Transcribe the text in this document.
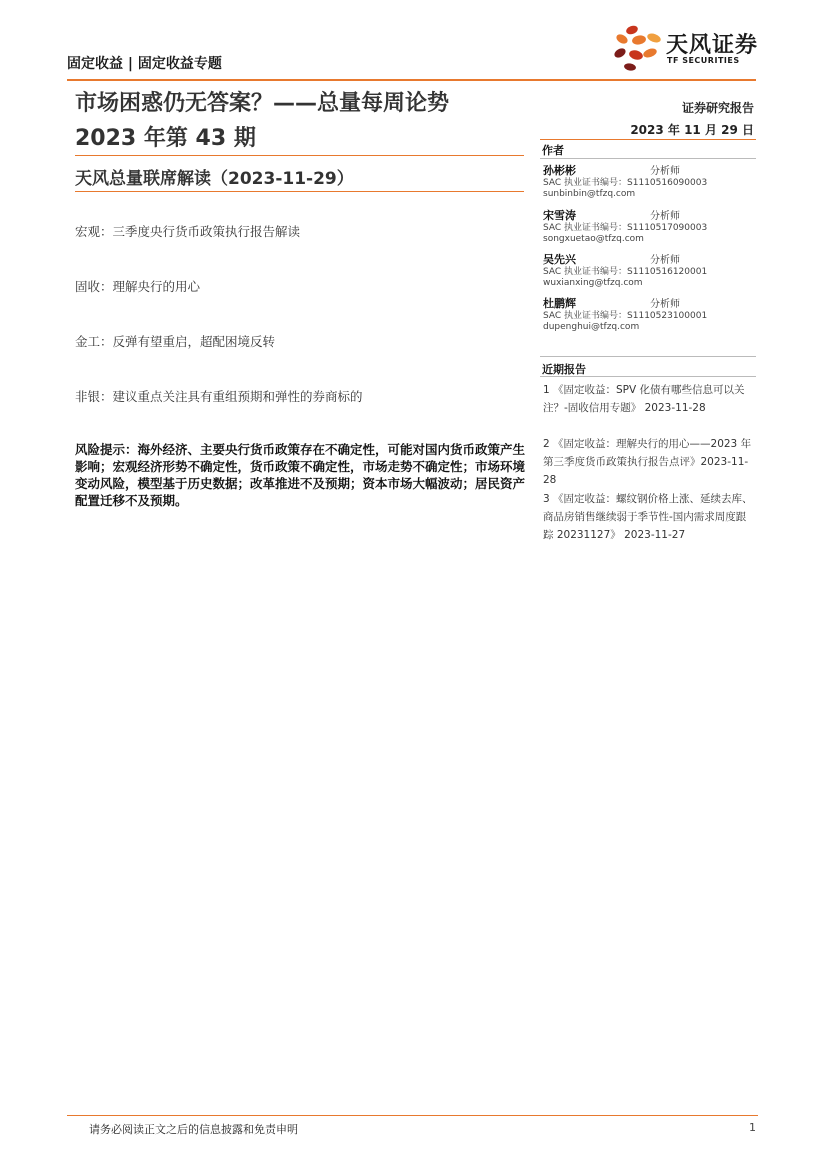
固定收益 | 固定收益专题
天风证券
TF SECURITIES
市场困惑仍无答案？——总量每周论势
2023 年第 43 期
证券研究报告
2023 年 11 月 29 日
天风总量联席解读（2023-11-29）
宏观：三季度央行货币政策执行报告解读
固收：理解央行的用心
金工：反弹有望重启，超配困境反转
非银：建议重点关注具有重组预期和弹性的券商标的
风险提示：海外经济、主要央行货币政策存在不确定性，可能对国内货币政策产生影响；宏观经济形势不确定性，货币政策不确定性，市场走势不确定性；市场环境变动风险，模型基于历史数据；改革推进不及预期；资本市场大幅波动；居民资产配置迁移不及预期。
作者
孙彬彬	分析师
SAC 执业证书编号：S1110516090003
sunbinbin@tfzq.com
宋雪涛	分析师
SAC 执业证书编号：S1110517090003
songxuetao@tfzq.com
吴先兴	分析师
SAC 执业证书编号：S1110516120001
wuxianxing@tfzq.com
杜鹏辉	分析师
SAC 执业证书编号：S1110523100001
dupenghui@tfzq.com
近期报告
1 《固定收益：SPV 化债有哪些信息可以关注？-固收信用专题》 2023-11-28
2 《固定收益：理解央行的用心——2023 年第三季度货币政策执行报告点评》2023-11-28
3 《固定收益：螺纹钢价格上涨、延续去库、商品房销售继续弱于季节性-国内需求周度跟踪 20231127》 2023-11-27
请务必阅读正文之后的信息披露和免责申明	1
